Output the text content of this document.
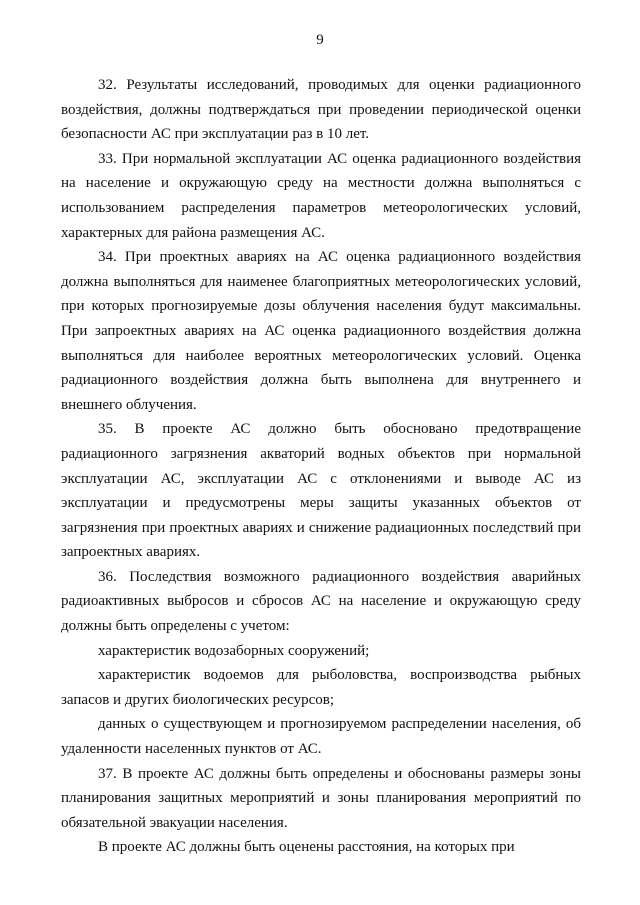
9

32. Результаты исследований, проводимых для оценки радиационного воздействия, должны подтверждаться при проведении периодической оценки безопасности АС при эксплуатации раз в 10 лет.

33. При нормальной эксплуатации АС оценка радиационного воздействия на население и окружающую среду на местности должна выполняться с использованием распределения параметров метеорологических условий, характерных для района размещения АС.

34. При проектных авариях на АС оценка радиационного воздействия должна выполняться для наименее благоприятных метеорологических условий, при которых прогнозируемые дозы облучения населения будут максимальны. При запроектных авариях на АС оценка радиационного воздействия должна выполняться для наиболее вероятных метеорологических условий. Оценка радиационного воздействия должна быть выполнена для внутреннего и внешнего облучения.

35. В проекте АС должно быть обосновано предотвращение радиационного загрязнения акваторий водных объектов при нормальной эксплуатации АС, эксплуатации АС с отклонениями и выводе АС из эксплуатации и предусмотрены меры защиты указанных объектов от загрязнения при проектных авариях и снижение радиационных последствий при запроектных авариях.

36. Последствия возможного радиационного воздействия аварийных радиоактивных выбросов и сбросов АС на население и окружающую среду должны быть определены с учетом:

характеристик водозаборных сооружений;

характеристик водоемов для рыболовства, воспроизводства рыбных запасов и других биологических ресурсов;

данных о существующем и прогнозируемом распределении населения, об удаленности населенных пунктов от АС.

37. В проекте АС должны быть определены и обоснованы размеры зоны планирования защитных мероприятий и зоны планирования мероприятий по обязательной эвакуации населения.

В проекте АС должны быть оценены расстояния, на которых при
